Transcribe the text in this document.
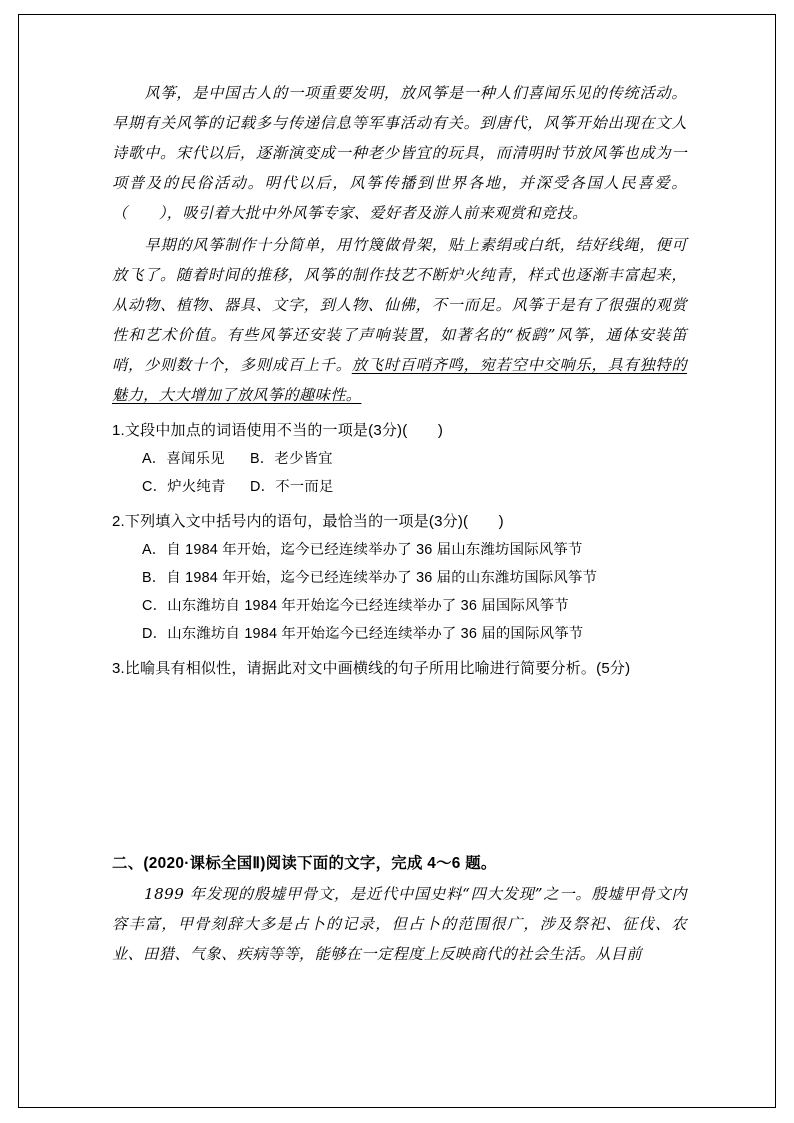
风筝，是中国古人的一项重要发明，放风筝是一种人们喜闻乐见的传统活动。早期有关风筝的记载多与传递信息等军事活动有关。到唐代，风筝开始出现在文人诗歌中。宋代以后，逐渐演变成一种老少皆宜的玩具，而清明时节放风筝也成为一项普及的民俗活动。明代以后，风筝传播到世界各地，并深受各国人民喜爱。（　　），吸引着大批中外风筝专家、爱好者及游人前来观赏和竞技。

早期的风筝制作十分简单，用竹篾做骨架，贴上素绢或白纸，结好线绳，便可放飞了。随着时间的推移，风筝的制作技艺不断炉火纯青，样式也逐渐丰富起来，从动物、植物、器具、文字，到人物、仙佛，不一而足。风筝于是有了很强的观赏性和艺术价值。有些风筝还安装了声响装置，如著名的“板鹞”风筝，通体安装笛哨，少则数十个，多则成百上千。放飞时百哨齐鸣，宛若空中交响乐，具有独特的魅力，大大增加了放风筝的趣味性。

1.文段中加点的词语使用不当的一项是(3分)(　　)

A．喜闻乐见 B．老少皆宜

C．炉火纯青 D．不一而足

2.下列填入文中括号内的语句，最恰当的一项是(3分)(　　)

A．自 1984 年开始，迄今已经连续举办了 36 届山东潍坊国际风筝节

B．自 1984 年开始，迄今已经连续举办了 36 届的山东潍坊国际风筝节

C．山东潍坊自 1984 年开始迄今已经连续举办了 36 届国际风筝节

D．山东潍坊自 1984 年开始迄今已经连续举办了 36 届的国际风筝节

3.比喻具有相似性，请据此对文中画横线的句子所用比喻进行简要分析。(5分)

二、(2020·课标全国Ⅱ)阅读下面的文字，完成 4～6 题。

1899 年发现的殷墟甲骨文，是近代中国史料“四大发现”之一。殷墟甲骨文内容丰富，甲骨刻辞大多是占卜的记录，但占卜的范围很广，涉及祭祀、征伐、农业、田猎、气象、疾病等等，能够在一定程度上反映商代的社会生活。从目前
